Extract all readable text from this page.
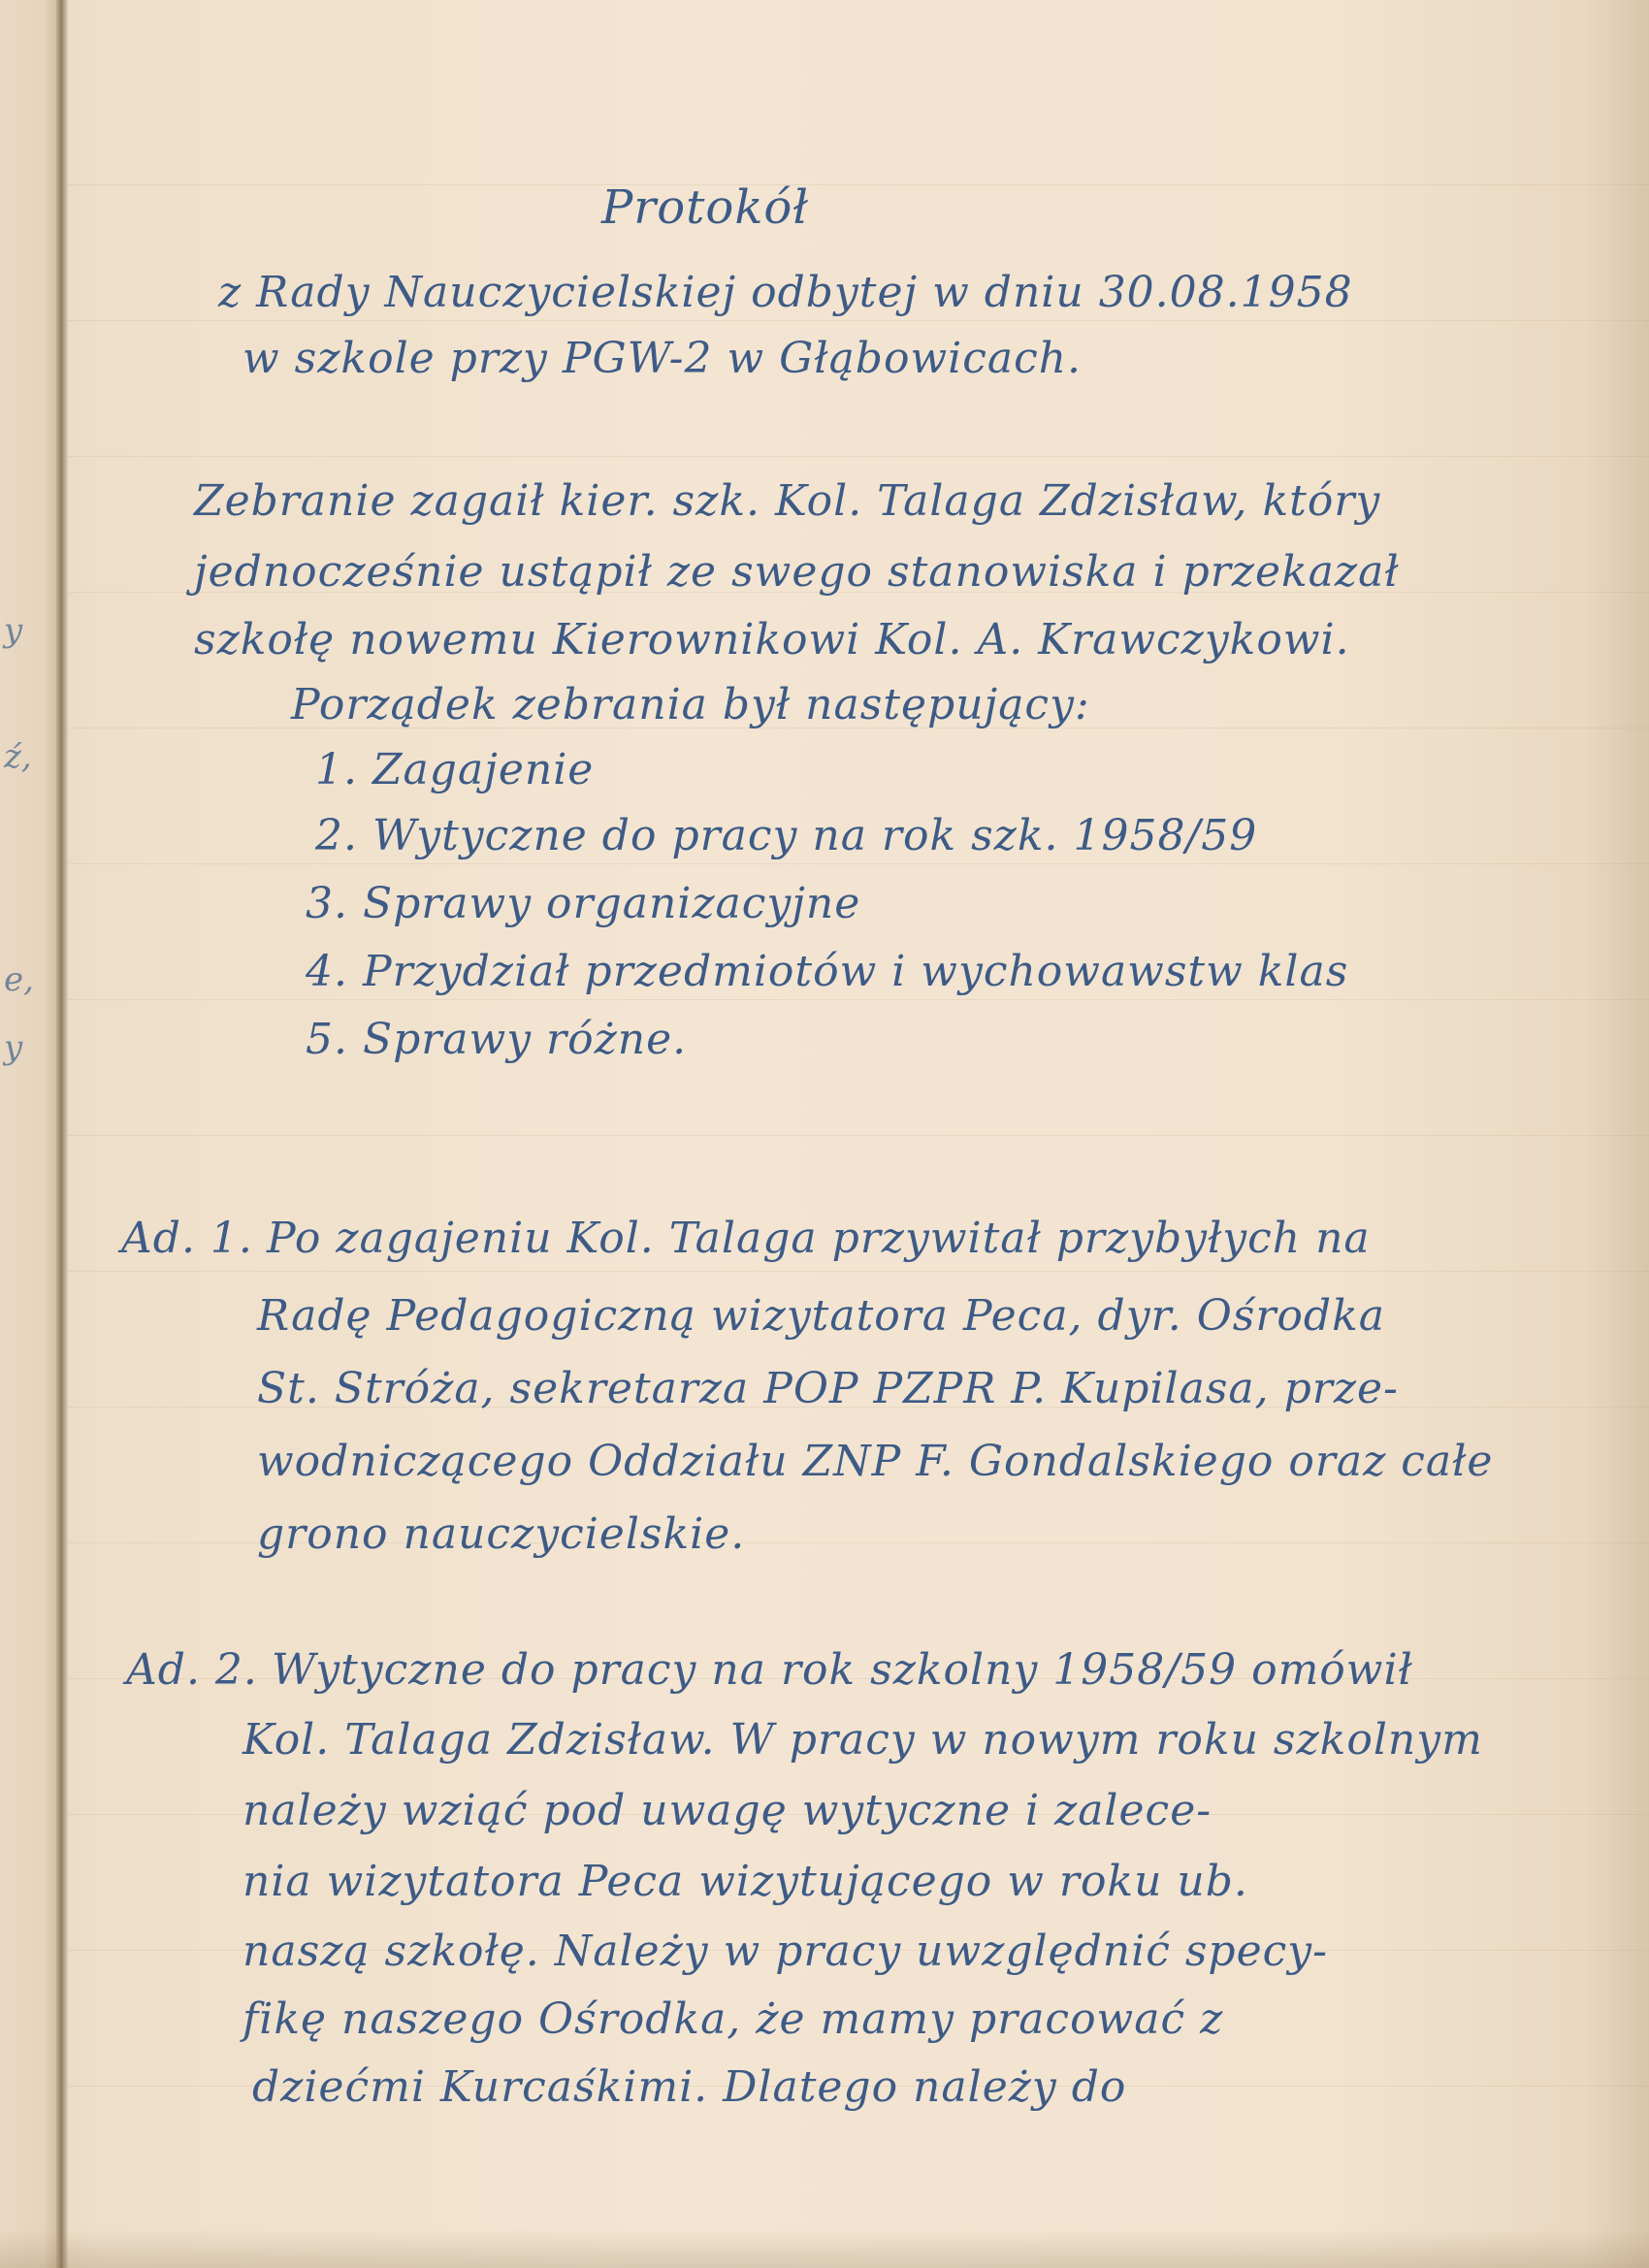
y
ź,
e,
y

Protokół

z Rady Nauczycielskiej odbytej w dniu 30.08.1958

w szkole przy PGW-2 w Głąbowicach.

Zebranie zagaił kier. szk. Kol. Talaga Zdzisław, który

jednocześnie ustąpił ze swego stanowiska i przekazał

szkołę nowemu Kierownikowi Kol. A. Krawczykowi.

Porządek zebrania był następujący:

1. Zagajenie

2. Wytyczne do pracy na rok szk. 1958/59

3. Sprawy organizacyjne

4. Przydział przedmiotów i wychowawstw klas

5. Sprawy różne.

Ad. 1. Po zagajeniu Kol. Talaga przywitał przybyłych na

Radę Pedagogiczną wizytatora Peca, dyr. Ośrodka

St. Stróża, sekretarza POP PZPR P. Kupilasa, prze-

wodniczącego Oddziału ZNP F. Gondalskiego oraz całe

grono nauczycielskie.

Ad. 2. Wytyczne do pracy na rok szkolny 1958/59 omówił

Kol. Talaga Zdzisław. W pracy w nowym roku szkolnym

należy wziąć pod uwagę wytyczne i zalece-

nia wizytatora Peca wizytującego w roku ub.

naszą szkołę. Należy w pracy uwzględnić specy-

fikę naszego Ośrodka, że mamy pracować z

dziećmi Kurcaśkimi. Dlatego należy do
